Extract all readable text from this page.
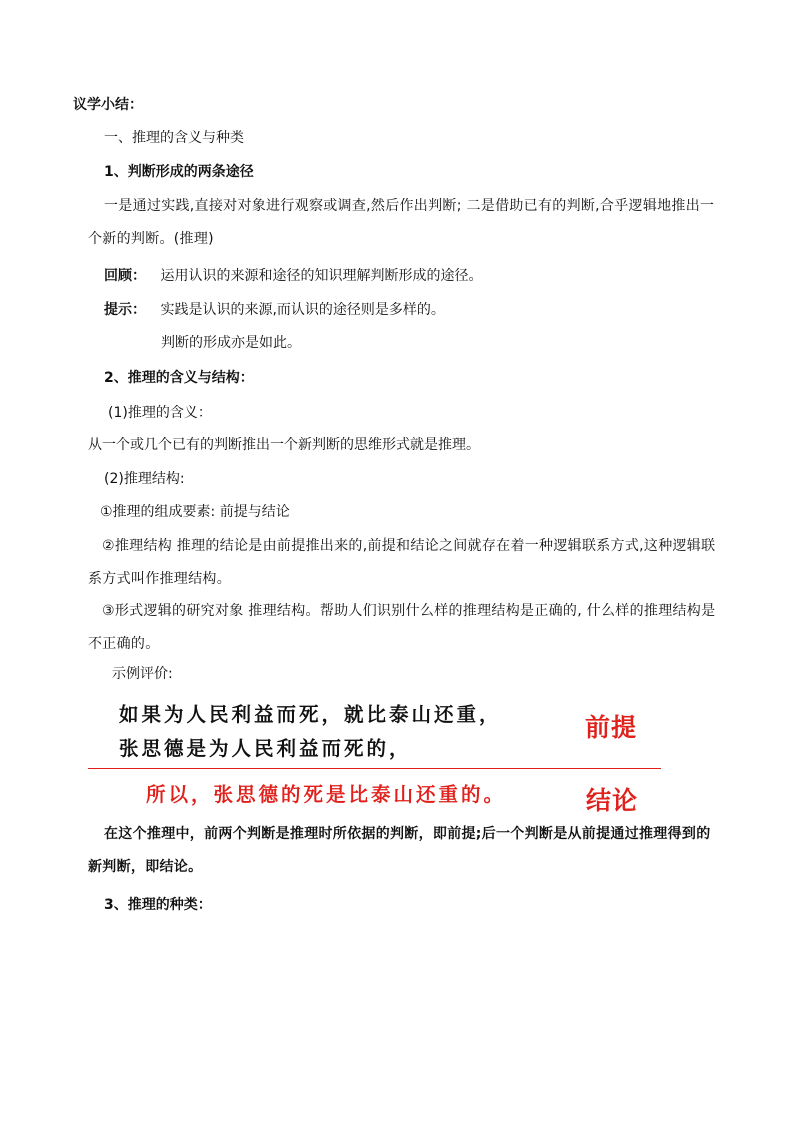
议学小结：
一、推理的含义与种类
1、判断形成的两条途径
一是通过实践,直接对对象进行观察或调查,然后作出判断; 二是借助已有的判断,合乎逻辑地推出一个新的判断。(推理)
回顾： 运用认识的来源和途径的知识理解判断形成的途径。
提示： 实践是认识的来源,而认识的途径则是多样的。
判断的形成亦是如此。
2、推理的含义与结构：
(1)推理的含义：
从一个或几个已有的判断推出一个新判断的思维形式就是推理。
(2)推理结构:
①推理的组成要素: 前提与结论
②推理结构 推理的结论是由前提推出来的,前提和结论之间就存在着一种逻辑联系方式,这种逻辑联系方式叫作推理结构。
③形式逻辑的研究对象 推理结构。帮助人们识别什么样的推理结构是正确的, 什么样的推理结构是不正确的。
示例评价:
如果为人民利益而死，就比泰山还重，
张思德是为人民利益而死的，
前提
所以，张思德的死是比泰山还重的。	结论
在这个推理中，前两个判断是推理时所依据的判断，即前提;后一个判断是从前提通过推理得到的新判断，即结论。
3、推理的种类：
